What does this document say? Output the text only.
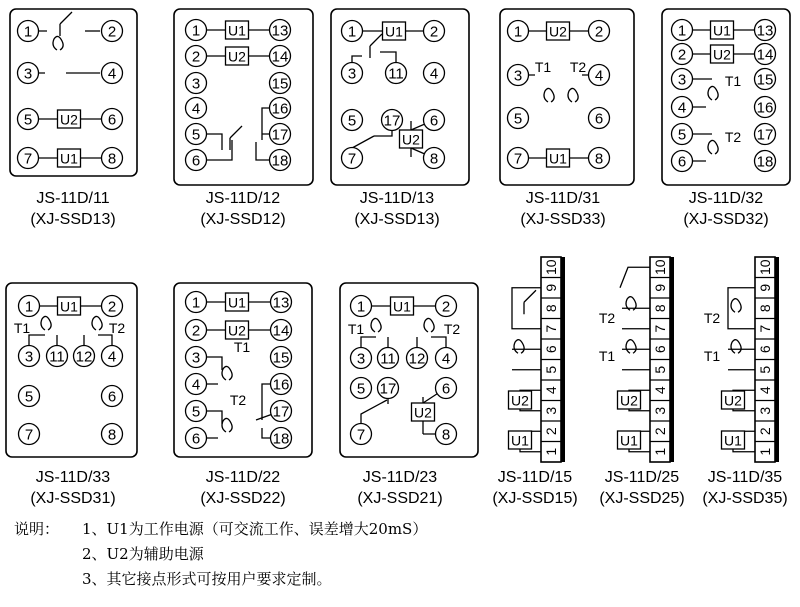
1	2
3	4
U2
5	6
U1
7	8
JS-11D/11
(XJ-SSD13)
U1
U2
1	13
2	14
3	15
4	16
5	17
6	18
JS-11D/12
(XJ-SSD12)
U1
1	2
3 11 4
U2
5 17 6
7	8
JS-11D/13
(XJ-SSD13)
U2
1	2
T1 T2
3	4
5	6
U1
7	8
JS-11D/31
(XJ-SSD33)
U1
U2
T1
T2
1	13
2	14
3	15
4	16
5	17
6	18
JS-11D/32
(XJ-SSD32)
U1
1	2
T1	T2
3 11 12 4
5	6
7	8
JS-11D/33
(XJ-SSD31)
U1
U2
T1
T2
1	13
2	14
3	15
4	16
5	17
6	18
JS-11D/22
(XJ-SSD22)
U1
1	2
T1	T2
3 11 12 4
U2
5 17	6
7	8
JS-11D/23
(XJ-SSD21)
10
9
8
7
6
5
4
3
2
1
U2
U1
JS-11D/15
(XJ-SSD15)
10
9
8
7
6
5
4
3
2
1
T2
T1
U2
U1
JS-11D/25
(XJ-SSD25)
10
9
8
7
6
5
4
3
2
1
T2
T1
U2
U1
JS-11D/35
(XJ-SSD35)
说明：	1、U1为工作电源（可交流工作、误差增大20mS）
2、U2为辅助电源
3、其它接点形式可按用户要求定制。
